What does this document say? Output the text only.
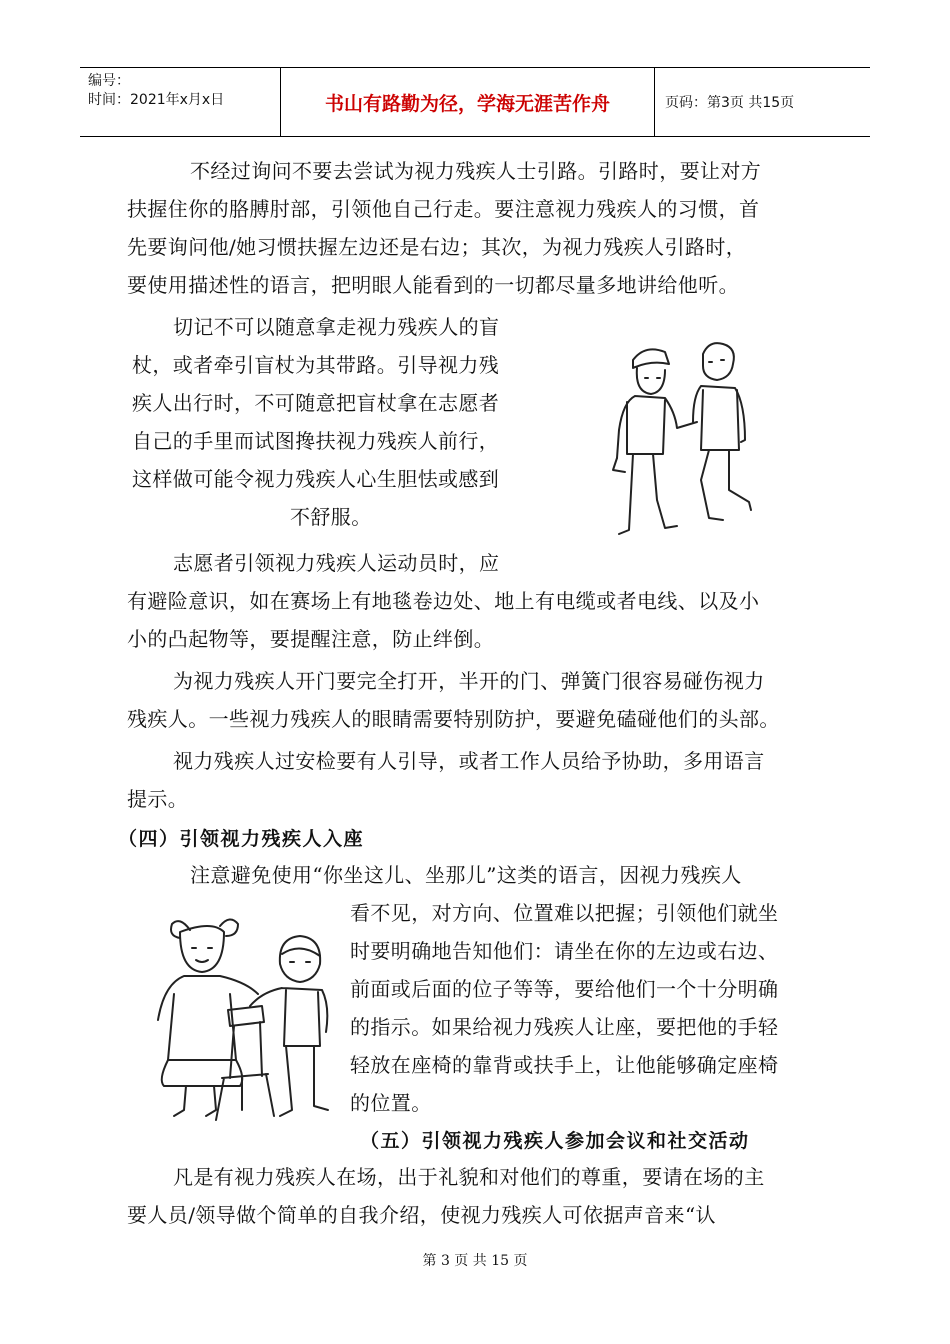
编号：
时间：2021年x月x日	书山有路勤为径，学海无涯苦作舟	页码：第3页 共15页

不经过询问不要去尝试为视力残疾人士引路。引路时，要让对方

扶握住你的胳膊肘部，引领他自己行走。要注意视力残疾人的习惯，首

先要询问他/她习惯扶握左边还是右边；其次，为视力残疾人引路时，

要使用描述性的语言，把明眼人能看到的一切都尽量多地讲给他听。

切记不可以随意拿走视力残疾人的盲

杖，或者牵引盲杖为其带路。引导视力残

疾人出行时，不可随意把盲杖拿在志愿者

自己的手里而试图搀扶视力残疾人前行，

这样做可能令视力残疾人心生胆怯或感到

不舒服。

志愿者引领视力残疾人运动员时，应

有避险意识，如在赛场上有地毯卷边处、地上有电缆或者电线、以及小

小的凸起物等，要提醒注意，防止绊倒。

为视力残疾人开门要完全打开，半开的门、弹簧门很容易碰伤视力

残疾人。一些视力残疾人的眼睛需要特别防护，要避免磕碰他们的头部。

视力残疾人过安检要有人引导，或者工作人员给予协助，多用语言

提示。

（四）引领视力残疾人入座

注意避免使用“你坐这儿、坐那儿”这类的语言，因视力残疾人

看不见，对方向、位置难以把握；引领他们就坐

时要明确地告知他们：请坐在你的左边或右边、

前面或后面的位子等等，要给他们一个十分明确

的指示。如果给视力残疾人让座，要把他的手轻

轻放在座椅的靠背或扶手上，让他能够确定座椅

的位置。

（五）引领视力残疾人参加会议和社交活动

凡是有视力残疾人在场，出于礼貌和对他们的尊重，要请在场的主

要人员/领导做个简单的自我介绍，使视力残疾人可依据声音来“认

第 3 页 共 15 页
